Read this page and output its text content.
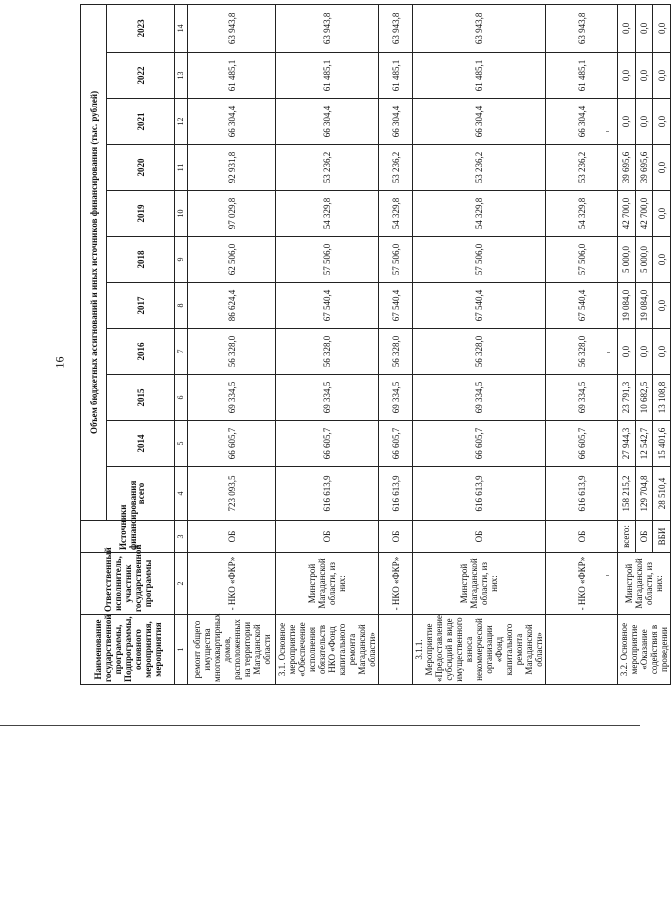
16
Наименование государственной программы, Подпрограммы, основного мероприятия, мероприятия	Ответственный исполнитель, участник государственной программы	Источники финансирования	Объем бюджетных ассигнований и иных источников финансирования (тыс. рублей)										
			всего	2014	2015	2016	2017	2018	2019	2020	2021	2022	2023
1	2	3	4	5	6	7	8	9	10	11	12	13	14
ремонт общего имущества многоквартирных домов, расположенных на территории Магаданской области	- НКО «ФКР»	ОБ	723 093,5	66 605,7	69 334,5	56 328,0	86 624,4	62 506,0	97 029,8	92 931,8	66 304,4	61 485,1	63 943,8
3.1. Основное мероприятие «Обеспечение исполнения обязательств НКО «Фонд капитального ремонта Магаданской области»	Минстрой Магаданской области, из них:	ОБ	616 613,9	66 605,7	69 334,5	56 328,0	67 540,4	57 506,0	54 329,8	53 236,2	66 304,4	61 485,1	63 943,8
	- НКО «ФКР»	ОБ	616 613,9	66 605,7	69 334,5	56 328,0	67 540,4	57 506,0	54 329,8	53 236,2	66 304,4	61 485,1	63 943,8
3.1.1. Мероприятие «Предоставление субсидий в виде имущественного взноса некоммерческой организации «Фонд капитального ремонта Магаданской области»	Минстрой Магаданской области, из них:	ОБ	616 613,9	66 605,7	69 334,5	56 328,0	67 540,4	57 506,0	54 329,8	53 236,2	66 304,4	61 485,1	63 943,8
	- НКО «ФКР»	ОБ	616 613,9	66 605,7	69 334,5	56 328,0	67 540,4	57 506,0	54 329,8	53 236,2	66 304,4	61 485,1	63 943,8
3.2. Основное мероприятие «Оказание содействия в проведении	Минстрой Магаданской области, из них:	всего:	158 215,2	27 944,3	23 791,3	0,0	19 084,0	5 000,0	42 700,0	39 695,6	0,0	0,0	0,0
		ОБ	129 704,8	12 542,7	10 682,5	0,0	19 084,0	5 000,0	42 700,0	39 695,6	0,0	0,0	0,0
		ВБИ	28 510,4	15 401,6	13 108,8	0,0	0,0	0,0	0,0	0,0	0,0	0,0	0,0
